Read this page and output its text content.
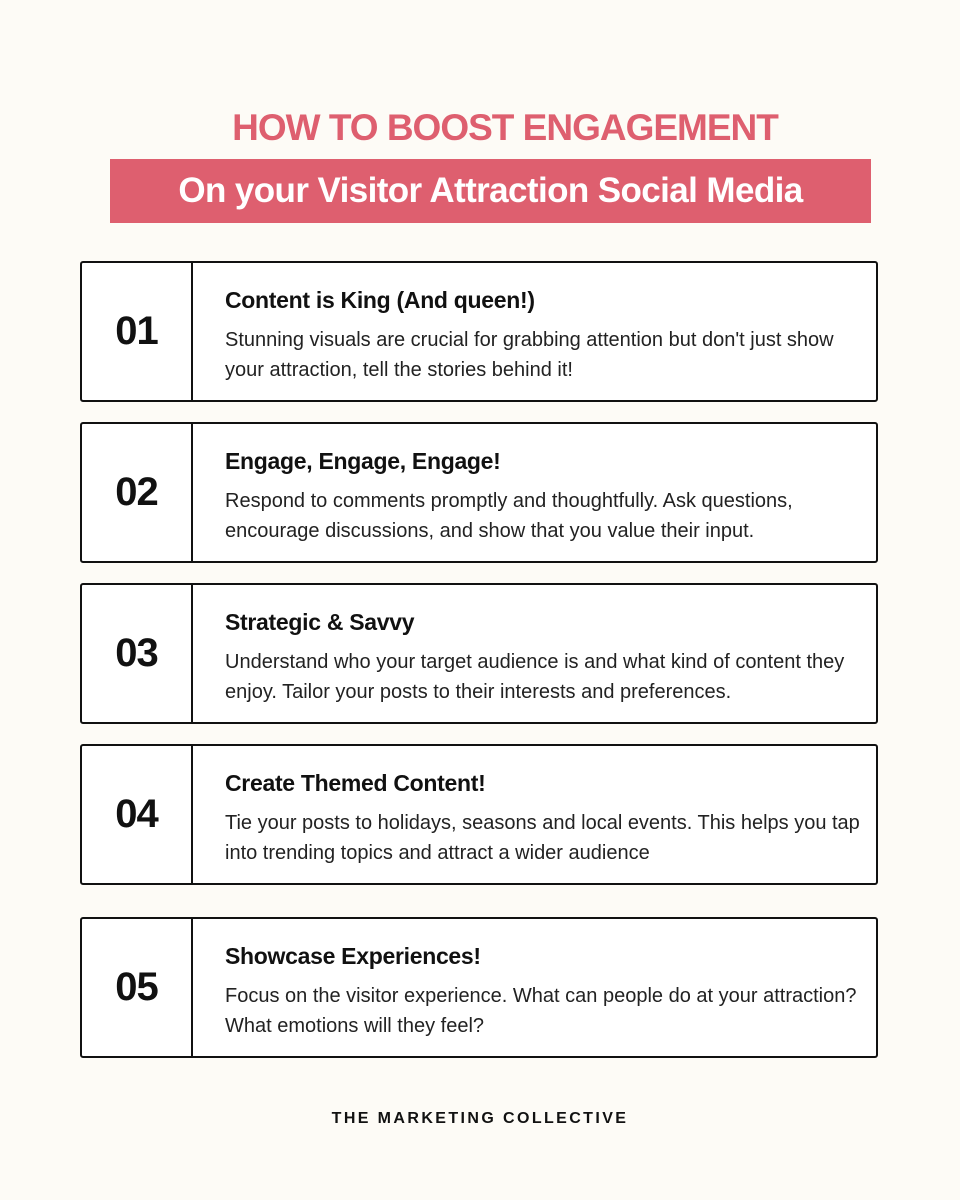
HOW TO BOOST ENGAGEMENT
On your Visitor Attraction Social Media
01
Content is King (And queen!)
Stunning visuals are crucial for grabbing attention but don't just show your attraction, tell the stories behind it!
02
Engage, Engage, Engage!
Respond to comments promptly and thoughtfully. Ask questions, encourage discussions, and show that you value their input.
03
Strategic & Savvy
Understand who your target audience is and what kind of content they enjoy. Tailor your posts to their interests and preferences.
04
Create Themed Content!
Tie your posts to holidays, seasons and local events. This helps you tap into trending topics and attract a wider audience
05
Showcase Experiences!
Focus on the visitor experience. What can people do at your attraction? What emotions will they feel?
THE MARKETING COLLECTIVE
